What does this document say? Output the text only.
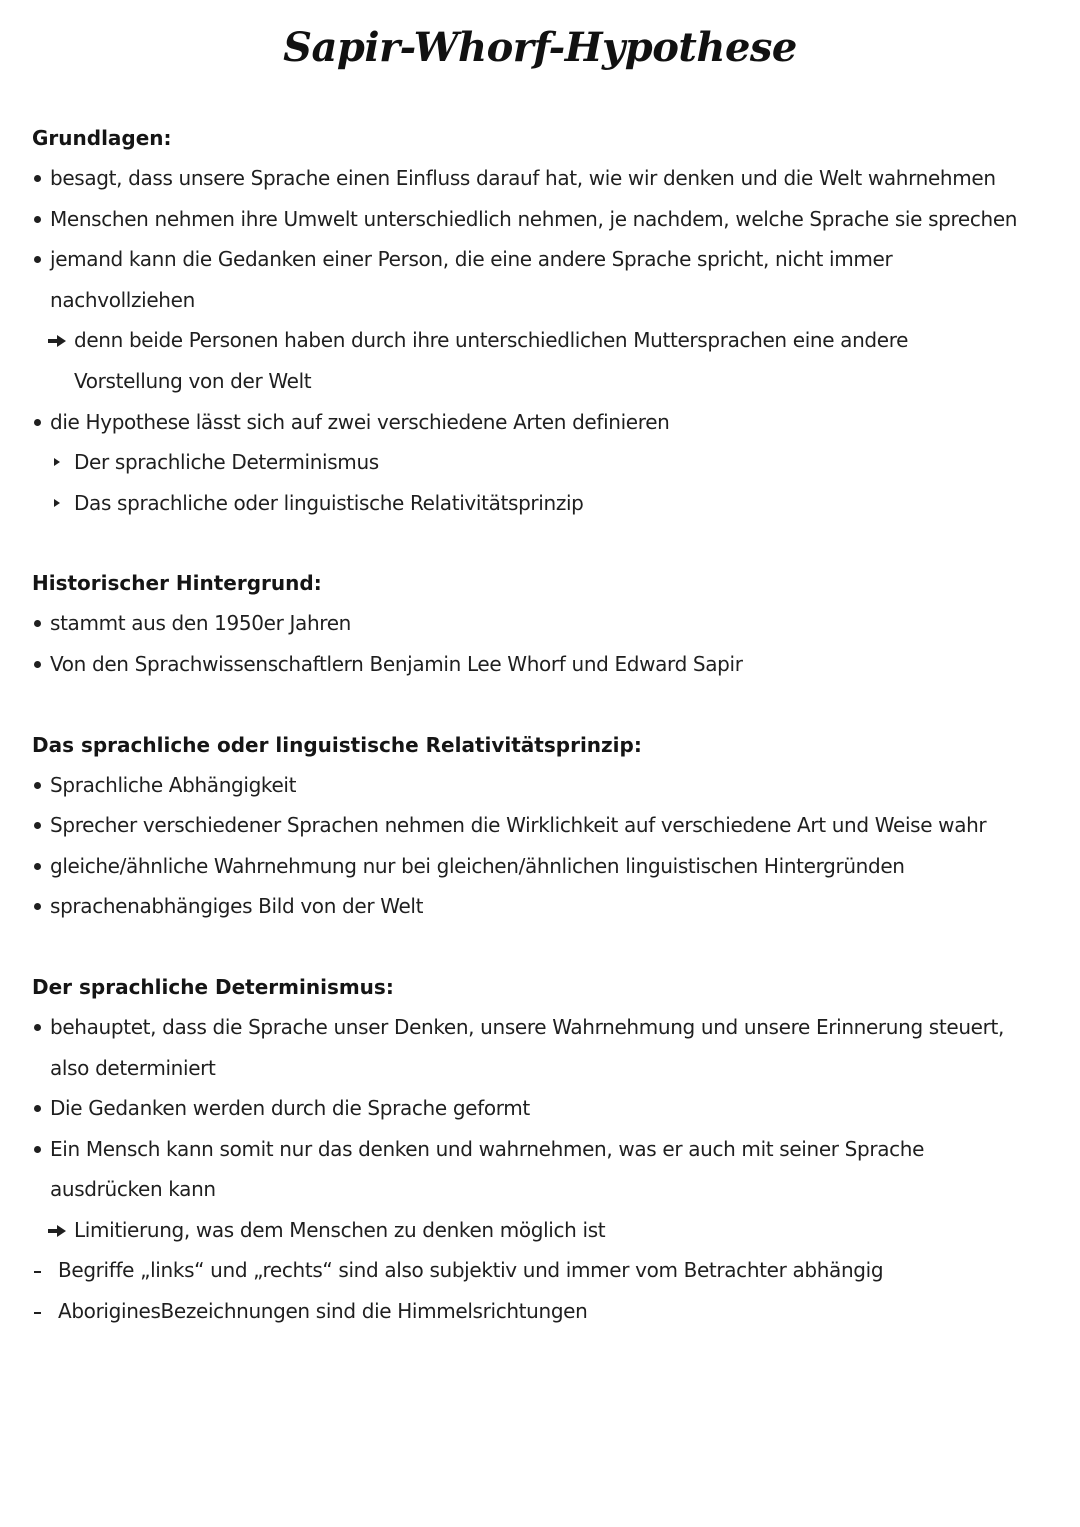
Sapir-Whorf-Hypothese

Grundlagen:

besagt, dass unsere Sprache einen Einfluss darauf hat, wie wir denken und die Welt wahrnehmen

Menschen nehmen ihre Umwelt unterschiedlich nehmen, je nachdem, welche Sprache sie sprechen

jemand kann die Gedanken einer Person, die eine andere Sprache spricht, nicht immer

nachvollziehen

denn beide Personen haben durch ihre unterschiedlichen Muttersprachen eine andere

Vorstellung von der Welt

die Hypothese lässt sich auf zwei verschiedene Arten definieren

Der sprachliche Determinismus

Das sprachliche oder linguistische Relativitätsprinzip

Historischer Hintergrund:

stammt aus den 1950er Jahren

Von den Sprachwissenschaftlern Benjamin Lee Whorf und Edward Sapir

Das sprachliche oder linguistische Relativitätsprinzip:

Sprachliche Abhängigkeit

Sprecher verschiedener Sprachen nehmen die Wirklichkeit auf verschiedene Art und Weise wahr

gleiche/ähnliche Wahrnehmung nur bei gleichen/ähnlichen linguistischen Hintergründen

sprachenabhängiges Bild von der Welt

Der sprachliche Determinismus:

behauptet, dass die Sprache unser Denken, unsere Wahrnehmung und unsere Erinnerung steuert,

also determiniert

Die Gedanken werden durch die Sprache geformt

Ein Mensch kann somit nur das denken und wahrnehmen, was er auch mit seiner Sprache

ausdrücken kann

Limitierung, was dem Menschen zu denken möglich ist

Begriffe „links“ und „rechts“ sind also subjektiv und immer vom Betrachter abhängig

AboriginesBezeichnungen sind die Himmelsrichtungen
